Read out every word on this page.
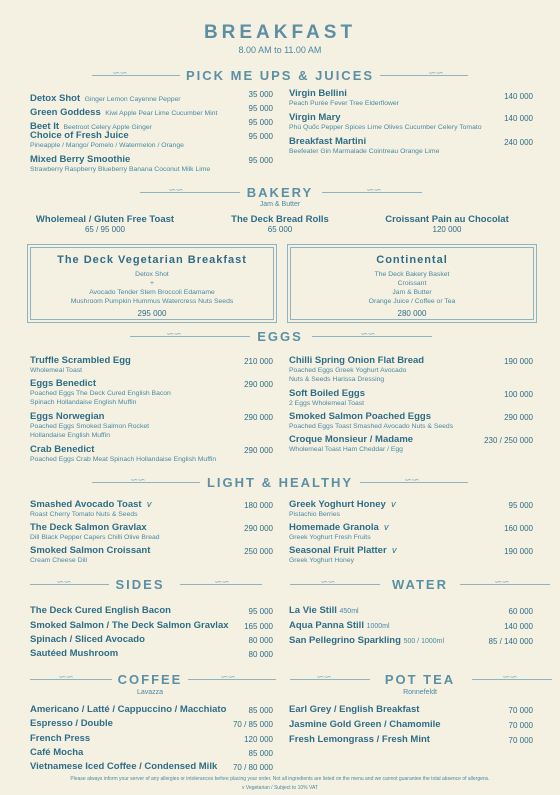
BREAKFAST
8.00 AM to 11.00 AM
∽∽	∽∽
PICK ME UPS & JUICES
Detox Shot Ginger Lemon Cayenne Pepper
35 000
Green Goddess Kiwi Apple Pear Lime Cucumber Mint
95 000
Beet It Beetroot Celery Apple Ginger
95 000
Choice of Fresh Juice
Pineapple / Mango/ Pomelo / Watermelon / Orange
95 000
Mixed Berry Smoothie
Strawberry Raspberry Blueberry Banana Coconut Milk Lime
95 000
Virgin Bellini
Peach Purée Fever Tree Elderflower
140 000
Virgin Mary
Phú Quốc Pepper Spices Lime Olives Cucumber Celery Tomato
140 000
Breakfast Martini
Beefeater Gin Marmalade Cointreau Orange Lime
240 000
∽∽	∽∽
BAKERY
Jam & Butter
Wholemeal / Gluten Free Toast
65 / 95 000
The Deck Bread Rolls
65 000
Croissant Pain au Chocolat
120 000
The Deck Vegetarian Breakfast
Detox Shot
+
Avocado Tender Stem Broccoli Edamame
Mushroom Pumpkin Hummus Watercress Nuts Seeds
295 000
Continental
The Deck Bakery Basket
Croissant
Jam & Butter
Orange Juice / Coffee or Tea
280 000
∽∽	∽∽
EGGS
Truffle Scrambled Egg
Wholemeal Toast
210 000
Eggs Benedict
Poached Eggs The Deck Cured English Bacon
Spinach Hollandaise English Muffin
290 000
Eggs Norwegian
Poached Eggs Smoked Salmon Rocket
Hollandaise English Muffin
290 000
Crab Benedict
Poached Eggs Crab Meat Spinach Hollandaise English Muffin
290 000
Chilli Spring Onion Flat Bread
Poached Eggs Greek Yoghurt Avocado
Nuts & Seeds Harissa Dressing
190 000
Soft Boiled Eggs
2 Eggs Wholemeal Toast
100 000
Smoked Salmon Poached Eggs
Poached Eggs Toast Smashed Avocado Nuts & Seeds
290 000
Croque Monsieur / Madame
Wholemeal Toast Ham Cheddar / Egg
230 / 250 000
∽∽	∽∽
LIGHT & HEALTHY
Smashed Avocado Toast v
Roast Cherry Tomato Nuts & Seeds
180 000
The Deck Salmon Gravlax
Dill Black Pepper Capers Chilli Olive Bread
290 000
Smoked Salmon Croissant
Cream Cheese Dill
250 000
Greek Yoghurt Honey v
Pistachio Berries
95 000
Homemade Granola v
Greek Yoghurt Fresh Fruits
160 000
Seasonal Fruit Platter v
Greek Yoghurt Honey
190 000
∽∽	∽∽
SIDES	∽∽	∽∽
WATER
The Deck Cured English Bacon	95 000
Smoked Salmon / The Deck Salmon Gravlax	165 000
Spinach / Sliced Avocado	80 000
Sautéed Mushroom	80 000
La Vie Still 450ml	60 000
Aqua Panna Still 1000ml	140 000
San Pellegrino Sparkling 500 / 1000ml	85 / 140 000
∽∽	∽∽
COFFEE
Lavazza
∽∽	∽∽
POT TEA
Ronnefeldt
Americano / Latté / Cappuccino / Macchiato	85 000
Espresso / Double	70 / 85 000
French Press	120 000
Café Mocha	85 000
Vietnamese Iced Coffee / Condensed Milk	70 / 80 000
Earl Grey / English Breakfast	70 000
Jasmine Gold Green / Chamomile	70 000
Fresh Lemongrass / Fresh Mint	70 000
Please always inform your server of any allergies or intolerances before placing your order. Not all ingredients are listed on the menu and we cannot guarantee the total absence of allergens.
v Vegetarian / Subject to 10% VAT
